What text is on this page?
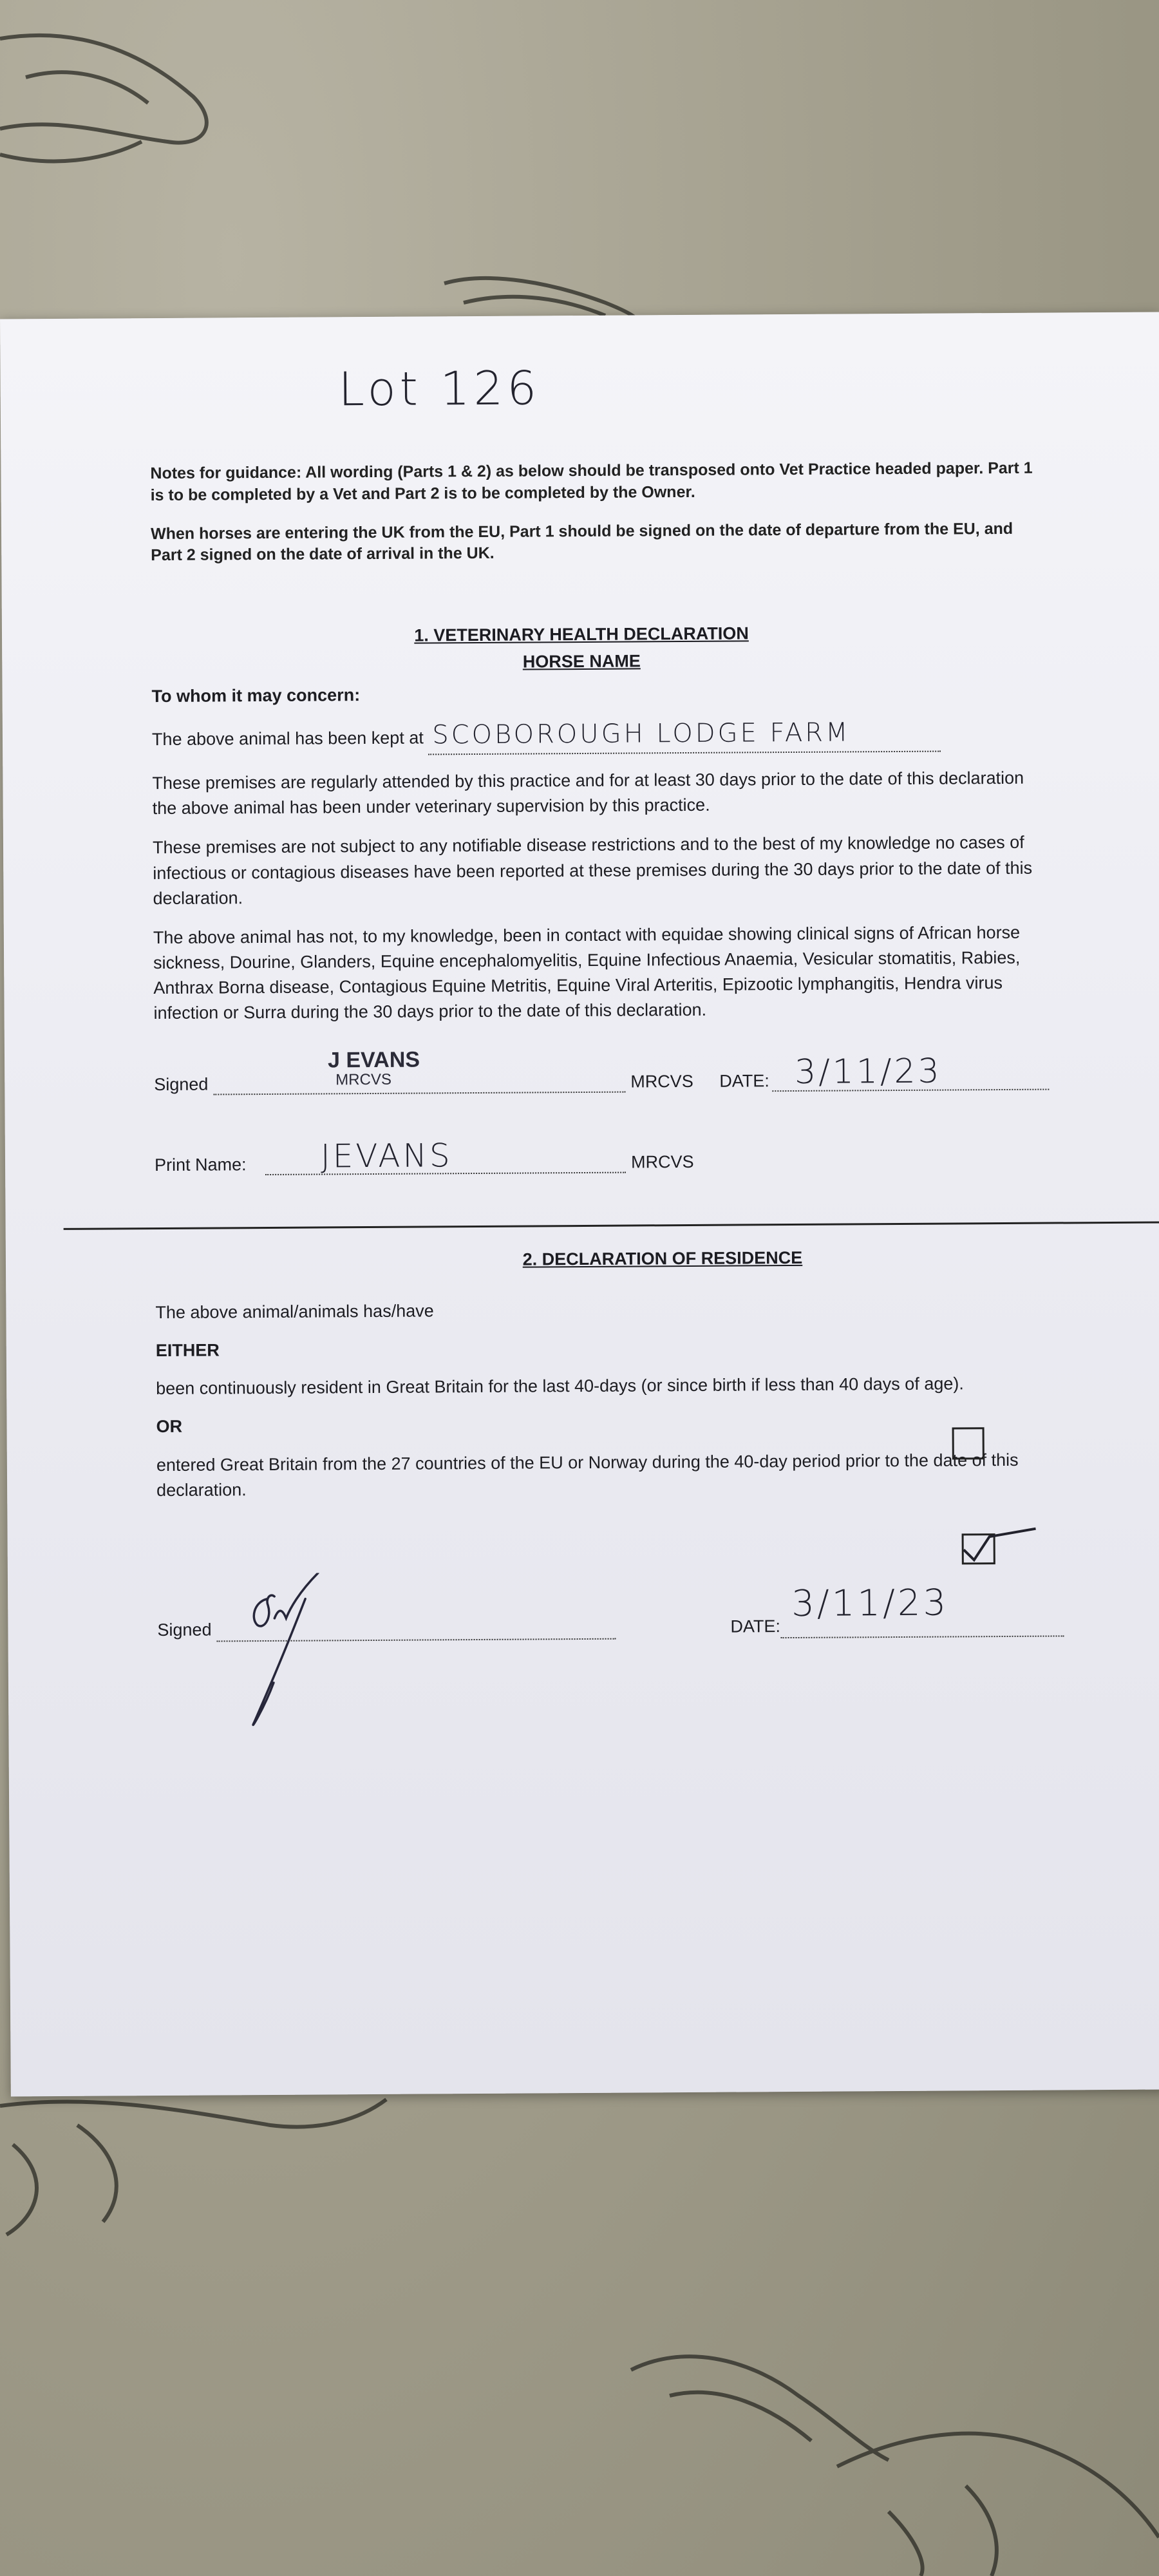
Lot 126

Notes for guidance: All wording (Parts 1 & 2) as below should be transposed onto Vet Practice headed paper. Part 1 is to be completed by a Vet and Part 2 is to be completed by the Owner.

When horses are entering the UK from the EU, Part 1 should be signed on the date of departure from the EU, and Part 2 signed on the date of arrival in the UK.

1. VETERINARY HEALTH DECLARATION
HORSE NAME

To whom it may concern:

The above animal has been kept at SCOBOROUGH LODGE FARM

These premises are regularly attended by this practice and for at least 30 days prior to the date of this declaration the above animal has been under veterinary supervision by this practice.

These premises are not subject to any notifiable disease restrictions and to the best of my knowledge no cases of infectious or contagious diseases have been reported at these premises during the 30 days prior to the date of this declaration.

The above animal has not, to my knowledge, been in contact with equidae showing clinical signs of African horse sickness, Dourine, Glanders, Equine encephalomyelitis, Equine Infectious Anaemia, Vesicular stomatitis, Rabies, Anthrax Borna disease, Contagious Equine Metritis, Equine Viral Arteritis, Epizootic lymphangitis, Hendra virus infection or Surra during the 30 days prior to the date of this declaration.

Signed
J EVANS
MRCVS	MRCVS DATE: 3/11/23
Print Name: JEVANS	MRCVS
2. DECLARATION OF RESIDENCE

The above animal/animals has/have

EITHER

been continuously resident in Great Britain for the last 40-days (or since birth if less than 40 days of age).

OR

entered Great Britain from the 27 countries of the EU or Norway during the 40-day period prior to the date of this declaration.

Signed	DATE:
3/11/23
